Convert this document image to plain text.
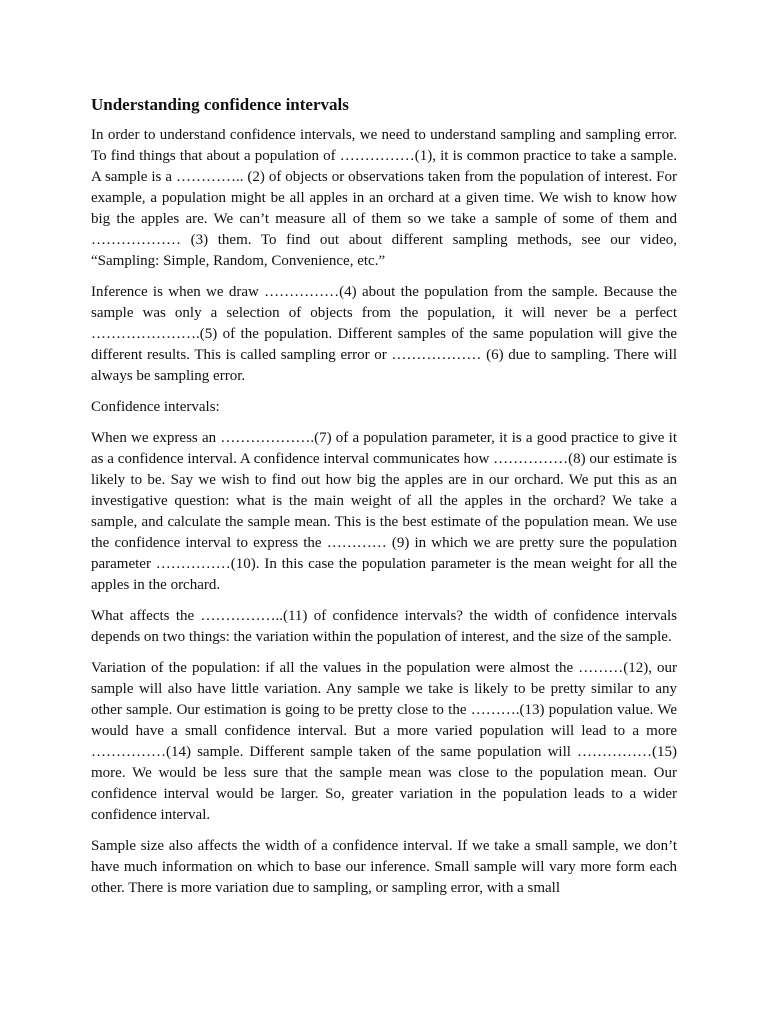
Understanding confidence intervals

In order to understand confidence intervals, we need to understand sampling and sampling error. To find things that about a population of ……………(1), it is common practice to take a sample. A sample is a ………….. (2) of objects or observations taken from the population of interest. For example, a population might be all apples in an orchard at a given time. We wish to know how big the apples are. We can’t measure all of them so we take a sample of some of them and ……………… (3) them. To find out about different sampling methods, see our video, “Sampling: Simple, Random, Convenience, etc.”

Inference is when we draw ……………(4) about the population from the sample. Because the sample was only a selection of objects from the population, it will never be a perfect ………………….(5) of the population. Different samples of the same population will give the different results. This is called sampling error or ……………… (6) due to sampling. There will always be sampling error.

Confidence intervals:

When we express an ……………….(7) of a population parameter, it is a good practice to give it as a confidence interval. A confidence interval communicates how ……………(8) our estimate is likely to be. Say we wish to find out how big the apples are in our orchard. We put this as an investigative question: what is the main weight of all the apples in the orchard? We take a sample, and calculate the sample mean. This is the best estimate of the population mean. We use the confidence interval to express the ………… (9) in which we are pretty sure the population parameter ……………(10). In this case the population parameter is the mean weight for all the apples in the orchard.

What affects the ……………..(11) of confidence intervals? the width of confidence intervals depends on two things: the variation within the population of interest, and the size of the sample.

Variation of the population: if all the values in the population were almost the ………(12), our sample will also have little variation. Any sample we take is likely to be pretty similar to any other sample. Our estimation is going to be pretty close to the ……….(13) population value. We would have a small confidence interval. But a more varied population will lead to a more ……………(14) sample. Different sample taken of the same population will ……………(15) more. We would be less sure that the sample mean was close to the population mean. Our confidence interval would be larger. So, greater variation in the population leads to a wider confidence interval.

Sample size also affects the width of a confidence interval. If we take a small sample, we don’t have much information on which to base our inference. Small sample will vary more form each other. There is more variation due to sampling, or sampling error, with a small
